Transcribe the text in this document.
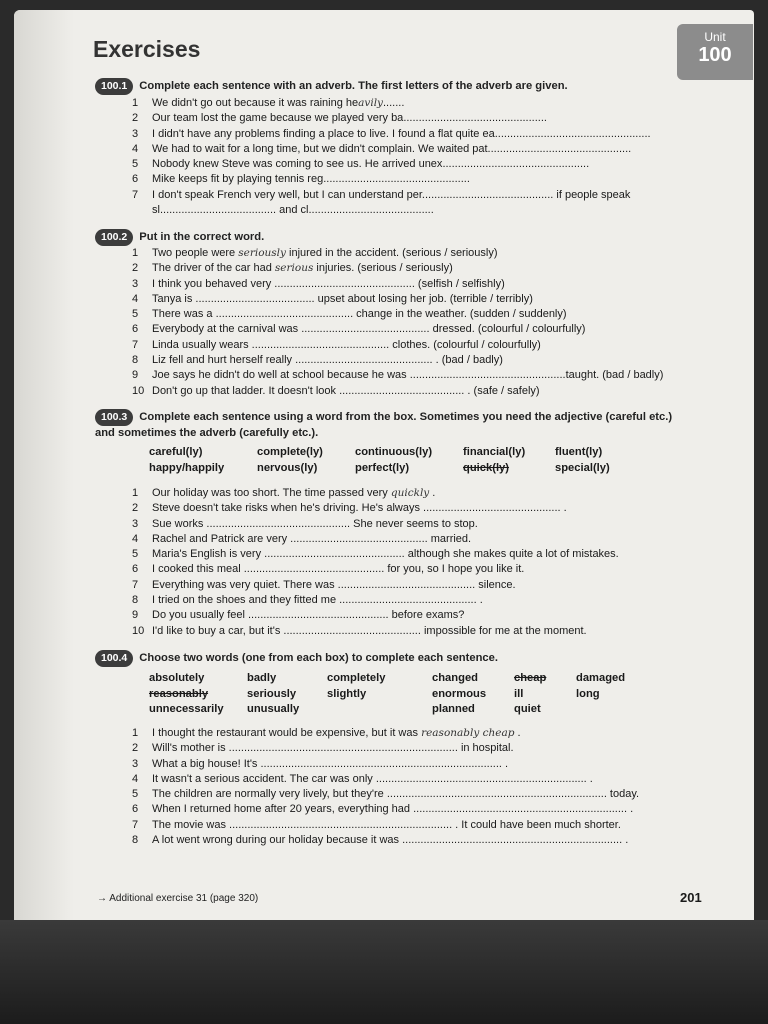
Exercises	Unit
100
100.1 Complete each sentence with an adverb. The first letters of the adverb are given.
1 We didn't go out because it was raining heavily.......
2 Our team lost the game because we played very ba...............................................
3 I didn't have any problems finding a place to live. I found a flat quite ea...................................................
4 We had to wait for a long time, but we didn't complain. We waited pat...............................................
5 Nobody knew Steve was coming to see us. He arrived unex................................................
6 Mike keeps fit by playing tennis reg................................................
7 I don't speak French very well, but I can understand per........................................... if people speak
sl...................................... and cl.........................................
100.2 Put in the correct word.
1 Two people were seriously injured in the accident. (serious / seriously)
2 The driver of the car had serious injuries. (serious / seriously)
3 I think you behaved very .............................................. (selfish / selfishly)
4 Tanya is ....................................... upset about losing her job. (terrible / terribly)
5 There was a ............................................. change in the weather. (sudden / suddenly)
6 Everybody at the carnival was .......................................... dressed. (colourful / colourfully)
7 Linda usually wears ............................................. clothes. (colourful / colourfully)
8 Liz fell and hurt herself really ............................................. . (bad / badly)
9 Joe says he didn't do well at school because he was ...................................................taught. (bad / badly)
10 Don't go up that ladder. It doesn't look ......................................... . (safe / safely)
100.3 Complete each sentence using a word from the box. Sometimes you need the adjective (careful etc.) and sometimes the adverb (carefully etc.).
careful(ly)	complete(ly)	continuous(ly)	financial(ly)	fluent(ly)
happy/happily	nervous(ly)	perfect(ly)	quick(ly)	special(ly)
1 Our holiday was too short. The time passed very quickly .
2 Steve doesn't take risks when he's driving. He's always ............................................. .
3 Sue works ............................................... She never seems to stop.
4 Rachel and Patrick are very ............................................. married.
5 Maria's English is very .............................................. although she makes quite a lot of mistakes.
6 I cooked this meal .............................................. for you, so I hope you like it.
7 Everything was very quiet. There was ............................................. silence.
8 I tried on the shoes and they fitted me ............................................. .
9 Do you usually feel .............................................. before exams?
10 I'd like to buy a car, but it's ............................................. impossible for me at the moment.
100.4 Choose two words (one from each box) to complete each sentence.
absolutely	badly	completely
reasonably	seriously	slightly
unnecessarily	unusually
changed	cheap	damaged
enormous	ill	long
planned	quiet
1 I thought the restaurant would be expensive, but it was reasonably cheap .
2 Will's mother is ........................................................................... in hospital.
3 What a big house! It's ............................................................................... .
4 It wasn't a serious accident. The car was only ..................................................................... .
5 The children are normally very lively, but they're ........................................................................ today.
6 When I returned home after 20 years, everything had ...................................................................... .
7 The movie was ......................................................................... . It could have been much shorter.
8 A lot went wrong during our holiday because it was ........................................................................ .
→ Additional exercise 31 (page 320)	201
